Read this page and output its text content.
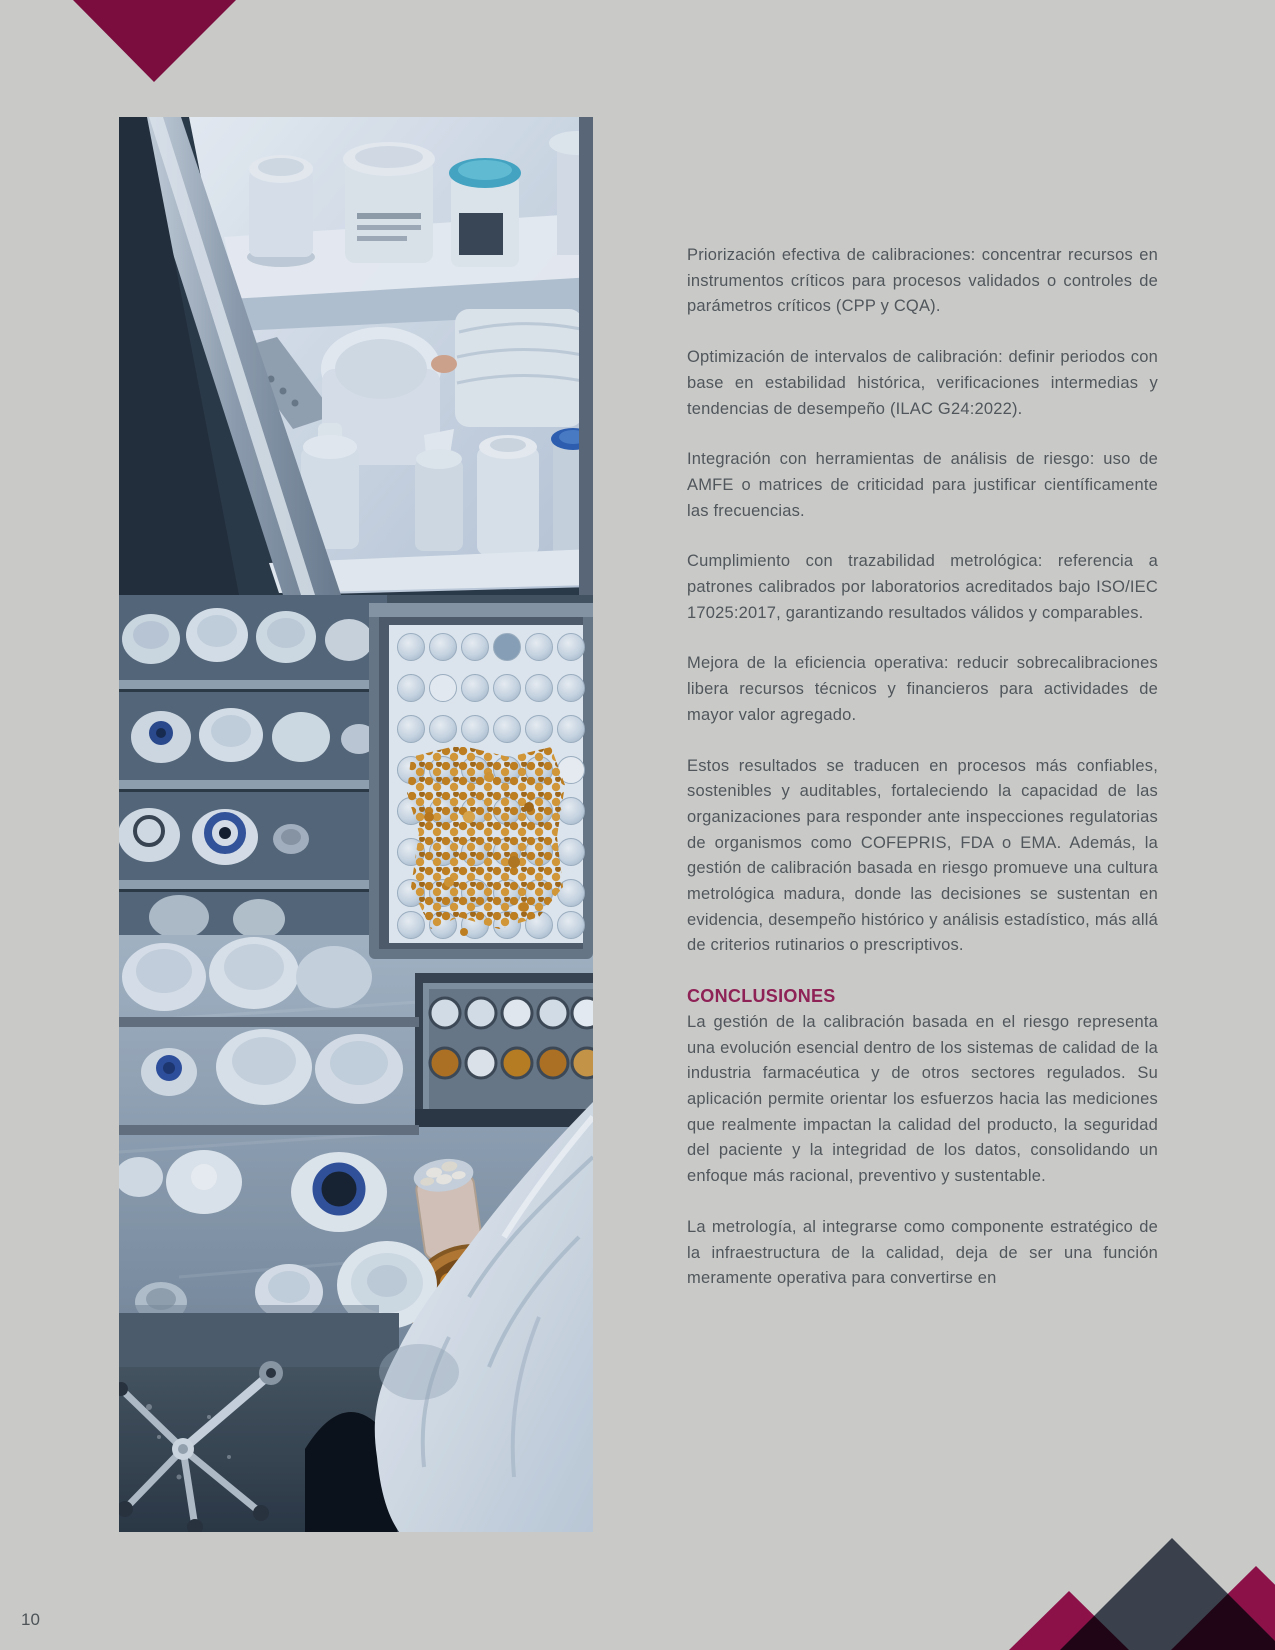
Priorización efectiva de calibraciones: concentrar recursos en instrumentos críticos para procesos validados o controles de parámetros críticos (CPP y CQA).

Optimización de intervalos de calibración: definir periodos con base en estabilidad histórica, verificaciones intermedias y tendencias de desempeño (ILAC G24:2022).

Integración con herramientas de análisis de riesgo: uso de AMFE o matrices de criticidad para justificar científicamente las frecuencias.

Cumplimiento con trazabilidad metrológica: referencia a patrones calibrados por laboratorios acreditados bajo ISO/IEC 17025:2017, garantizando resultados válidos y comparables.

Mejora de la eficiencia operativa: reducir sobrecalibraciones libera recursos técnicos y financieros para actividades de mayor valor agregado.

Estos resultados se traducen en procesos más confiables, sostenibles y auditables, fortaleciendo la capacidad de las organizaciones para responder ante inspecciones regulatorias de organismos como COFEPRIS, FDA o EMA. Además, la gestión de calibración basada en riesgo promueve una cultura metrológica madura, donde las decisiones se sustentan en evidencia, desempeño histórico y análisis estadístico, más allá de criterios rutinarios o prescriptivos.

CONCLUSIONES

La gestión de la calibración basada en el riesgo representa una evolución esencial dentro de los sistemas de calidad de la industria farmacéutica y de otros sectores regulados. Su aplicación permite orientar los esfuerzos hacia las mediciones que realmente impactan la calidad del producto, la seguridad del paciente y la integridad de los datos, consolidando un enfoque más racional, preventivo y sustentable.

La metrología, al integrarse como componente estratégico de la infraestructura de la calidad, deja de ser una función meramente operativa para convertirse en

10
